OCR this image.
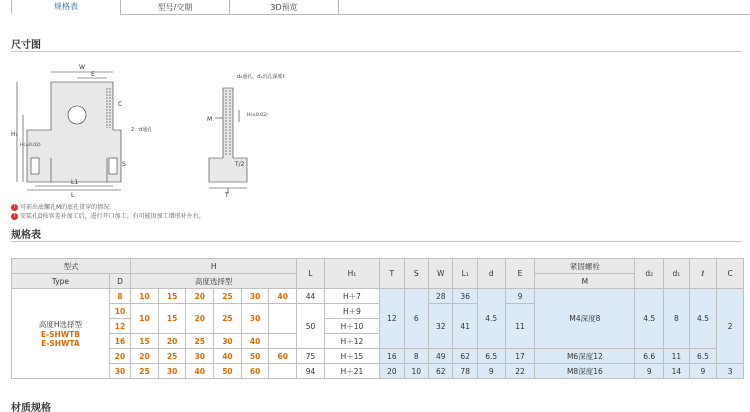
规格表	型号/交期	3D预览
尺寸图
W
E
C
H₁
H(±0.02)
L1
L
S
2一d通孔
d₂通孔、d₁沉孔深度ℓ
M
H(±0.02)
T/2
T
! 可前出底螺孔M的底孔贯穿的情况。
! 安装孔D按容差补加工后，进行开口加工。有可能因加工增形补左右。
规格表
型式		H						L	H₁	T	S	W	L₁	d	E	紧固螺栓	d₂	d₁	ℓ	C
Type	D	高度选择型																		
																M				

高度H选择型
E-SHWTB
E-SHWTA	8	10	15	20	25	30	40	44	H＋7	12	6	28	36	4.5	9	M4深度8	4.5	8	4.5	2
	10	10	15	20	25	30		50	H＋9			32	41		11					
	12								H＋10											
	16	15	20	25	30	40			H＋12											
	20	20	25	30	40	50	60	75	H＋15	16	8	49	62	6.5	17	M6深度12	6.6	11	6.5	
	30	25	30	40	50	60		94	H＋21	20	10	62	78	9	22	M8深度16	9	14	9	3
材质规格
